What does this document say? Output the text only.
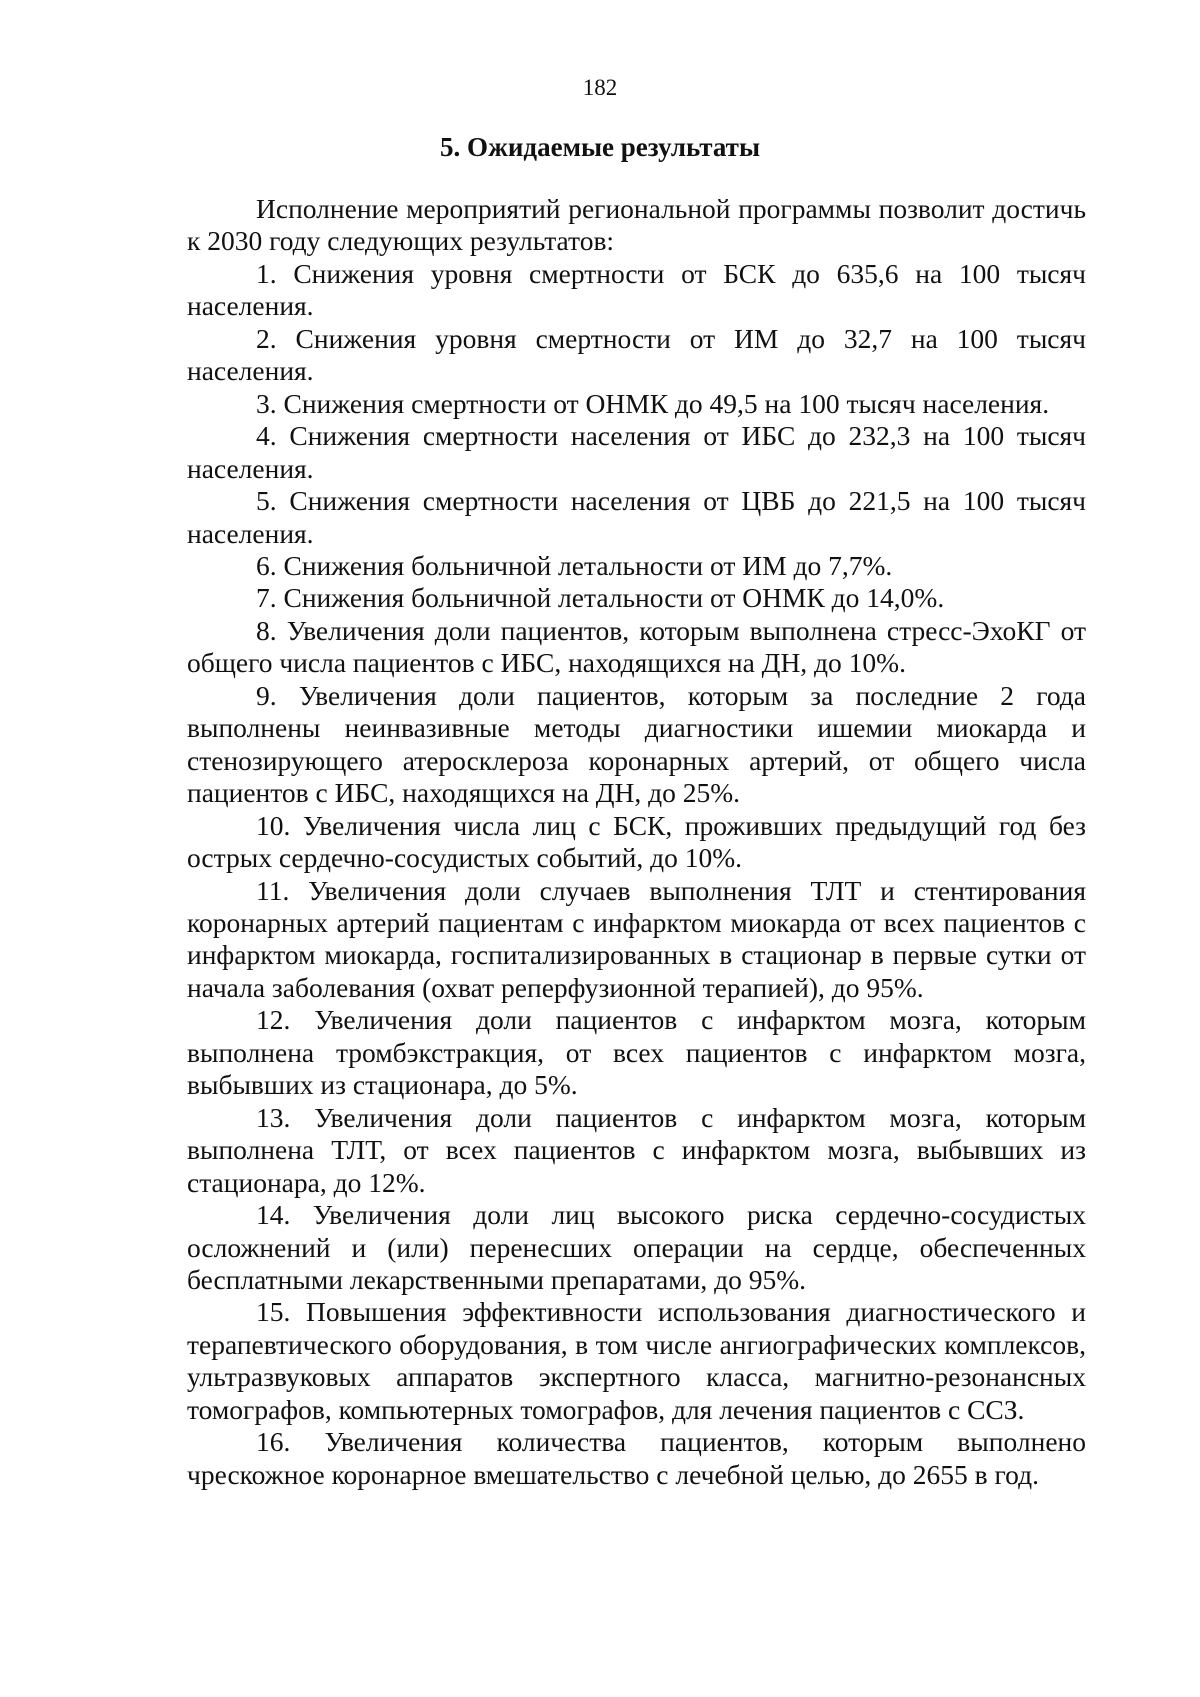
182
5. Ожидаемые результаты

Исполнение мероприятий региональной программы позволит достичь к 2030 году следующих результатов:

1. Снижения уровня смертности от БСК до 635,6 на 100 тысяч населения.

2. Снижения уровня смертности от ИМ до 32,7 на 100 тысяч населения.

3. Снижения смертности от ОНМК до 49,5 на 100 тысяч населения.

4. Снижения смертности населения от ИБС до 232,3 на 100 тысяч населения.

5. Снижения смертности населения от ЦВБ до 221,5 на 100 тысяч населения.

6. Снижения больничной летальности от ИМ до 7,7%.

7. Снижения больничной летальности от ОНМК до 14,0%.

8. Увеличения доли пациентов, которым выполнена стресс-ЭхоКГ от общего числа пациентов с ИБС, находящихся на ДН, до 10%.

9. Увеличения доли пациентов, которым за последние 2 года выполнены неинвазивные методы диагностики ишемии миокарда и стенозирующего атеросклероза коронарных артерий, от общего числа пациентов с ИБС, находящихся на ДН, до 25%.

10. Увеличения числа лиц с БСК, проживших предыдущий год без острых сердечно-сосудистых событий, до 10%.

11. Увеличения доли случаев выполнения ТЛТ и стентирования коронарных артерий пациентам с инфарктом миокарда от всех пациентов с инфарктом миокарда, госпитализированных в стационар в первые сутки от начала заболевания (охват реперфузионной терапией), до 95%.

12. Увеличения доли пациентов с инфарктом мозга, которым выполнена тромбэкстракция, от всех пациентов с инфарктом мозга, выбывших из стационара, до 5%.

13. Увеличения доли пациентов с инфарктом мозга, которым выполнена ТЛТ, от всех пациентов с инфарктом мозга, выбывших из стационара, до 12%.

14. Увеличения доли лиц высокого риска сердечно-сосудистых осложнений и (или) перенесших операции на сердце, обеспеченных бесплатными лекарственными препаратами, до 95%.

15. Повышения эффективности использования диагностического и терапевтического оборудования, в том числе ангиографических комплексов, ультразвуковых аппаратов экспертного класса, магнитно-резонансных томографов, компьютерных томографов, для лечения пациентов с ССЗ.

16. Увеличения количества пациентов, которым выполнено чрескожное коронарное вмешательство с лечебной целью, до 2655 в год.
